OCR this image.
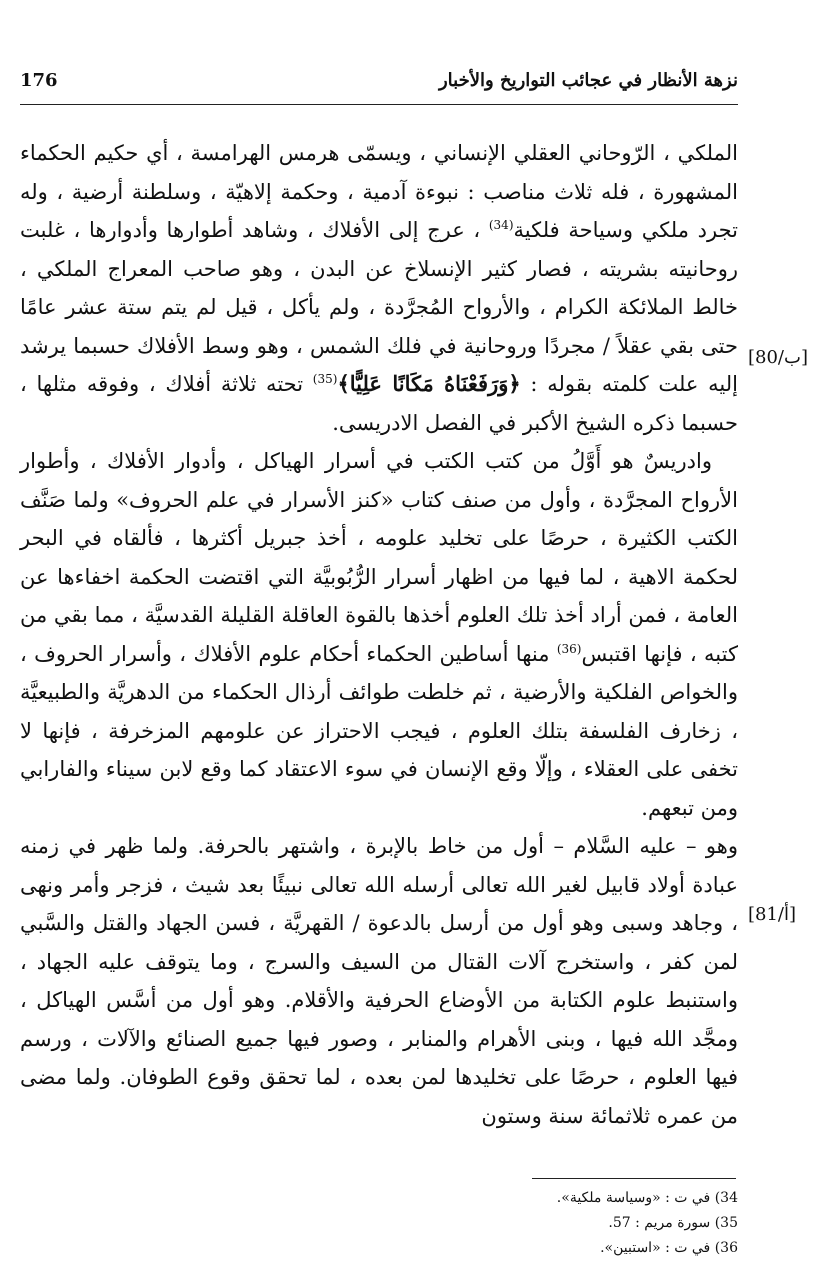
نزهة الأنظار في عجائب التواريخ والأخبار
176
[80/ب]
[81/أ]

الملكي ، الرّوحاني العقلي الإنساني ، ويسمّى هرمس الهرامسة ، أي حكيم الحكماء المشهورة ، فله ثلاث مناصب : نبوءة آدمية ، وحكمة إلاهيّة ، وسلطنة أرضية ، وله تجرد ملكي وسياحة فلكية$^{(34)}$ ، عرج إلى الأفلاك ، وشاهد أطوارها وأدوارها ، غلبت روحانيته بشريته ، فصار كثير الإنسلاخ عن البدن ، وهو صاحب المعراج الملكي ، خالط الملائكة الكرام ، والأرواح المُجرَّدة ، ولم يأكل ، قيل لم يتم ستة عشر عامًا حتى بقي عقلاً / مجردًا وروحانية في فلك الشمس ، وهو وسط الأفلاك حسبما يرشد إليه علت كلمته بقوله : ﴿وَرَفَعْنَاهُ مَكَانًا عَلِيًّا﴾$^{(35)}$ تحته ثلاثة أفلاك ، وفوقه مثلها ، حسبما ذكره الشيخ الأكبر في الفصل الادريسى.

وادريسٌ هو أَوَّلُ من كتب الكتب في أسرار الهياكل ، وأدوار الأفلاك ، وأطوار الأرواح المجرَّدة ، وأول من صنف كتاب «كنز الأسرار في علم الحروف» ولما صَنَّف الكتب الكثيرة ، حرصًا على تخليد علومه ، أخذ جبريل أكثرها ، فألقاه في البحر لحكمة الاهية ، لما فيها من اظهار أسرار الرُّبُوبيَّة التي اقتضت الحكمة اخفاءها عن العامة ، فمن أراد أخذ تلك العلوم أخذها بالقوة العاقلة القليلة القدسيَّة ، مما بقي من كتبه ، فإنها اقتبس$^{(36)}$ منها أساطين الحكماء أحكام علوم الأفلاك ، وأسرار الحروف ، والخواص الفلكية والأرضية ، ثم خلطت طوائف أرذال الحكماء من الدهريَّة والطبيعيَّة ، زخارف الفلسفة بتلك العلوم ، فيجب الاحتراز عن علومهم المزخرفة ، فإنها لا تخفى على العقلاء ، وإلّا وقع الإنسان في سوء الاعتقاد كما وقع لابن سيناء والفارابي ومن تبعهم.

وهو – عليه السَّلام – أول من خاط بالإبرة ، واشتهر بالحرفة. ولما ظهر في زمنه عبادة أولاد قابيل لغير الله تعالى أرسله الله تعالى نبيئًا بعد شيث ، فزجر وأمر ونهى ، وجاهد وسبى وهو أول من أرسل بالدعوة / القهريَّة ، فسن الجهاد والقتل والسَّبي لمن كفر ، واستخرج آلات القتال من السيف والسرج ، وما يتوقف عليه الجهاد ، واستنبط علوم الكتابة من الأوضاع الحرفية والأقلام. وهو أول من أسَّس الهياكل ، ومجَّد الله فيها ، وبنى الأهرام والمنابر ، وصور فيها جميع الصنائع والآلات ، ورسم فيها العلوم ، حرصًا على تخليدها لمن بعده ، لما تحقق وقوع الطوفان. ولما مضى من عمره ثلاثمائة سنة وستون

34) في ت : «وسياسة ملكية».
35) سورة مريم : 57.
36) في ت : «استبين».
